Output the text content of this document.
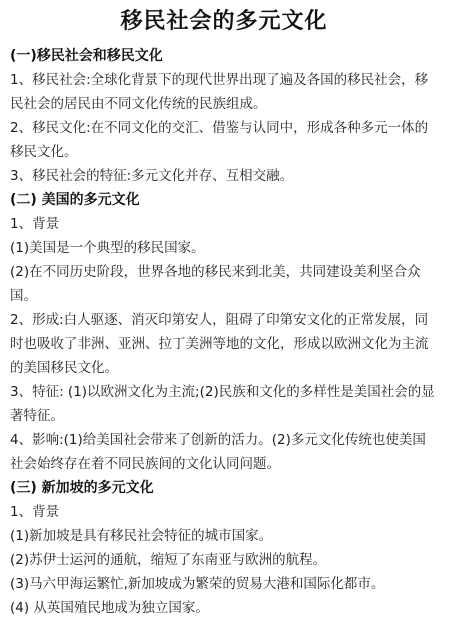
移民社会的多元文化
(一)移民社会和移民文化

1、移民社会:全球化背景下的现代世界出现了遍及各国的移民社会，移民社会的居民由不同文化传统的民族组成。

2、移民文化:在不同文化的交汇、借鉴与认同中，形成各种多元一体的移民文化。

3、移民社会的特征:多元文化并存、互相交融。

(二) 美国的多元文化

1、背景

(1)美国是一个典型的移民国家。

(2)在不同历史阶段，世界各地的移民来到北美，共同建设美利坚合众国。

2、形成:白人驱逐、消灭印第安人，阻碍了印第安文化的正常发展，同时也吸收了非洲、亚洲、拉丁美洲等地的文化，形成以欧洲文化为主流的美国移民文化。

3、特征: (1)以欧洲文化为主流;(2)民族和文化的多样性是美国社会的显著特征。

4、影响:(1)给美国社会带来了创新的活力。(2)多元文化传统也使美国社会始终存在着不同民族间的文化认同问题。

(三) 新加坡的多元文化

1、背景

(1)新加坡是具有移民社会特征的城市国家。

(2)苏伊士运河的通航，缩短了东南亚与欧洲的航程。

(3)马六甲海运繁忙,新加坡成为繁荣的贸易大港和国际化都市。

(4) 从英国殖民地成为独立国家。
